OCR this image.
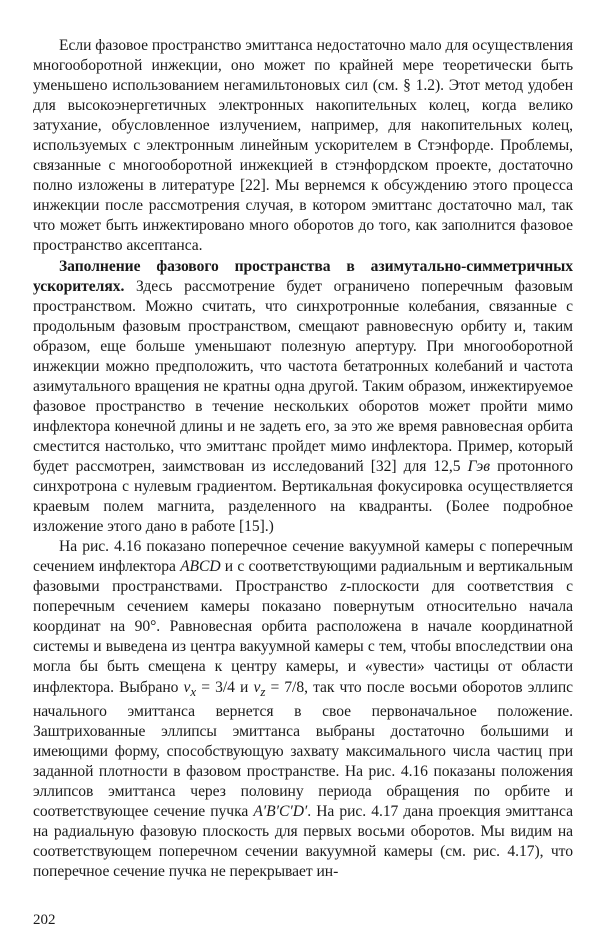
Если фазовое пространство эмиттанса недостаточно мало для осуществления многооборотной инжекции, оно может по крайней мере теоретически быть уменьшено использованием негамильтоновых сил (см. § 1.2). Этот метод удобен для высокоэнергетичных электронных накопительных колец, когда велико затухание, обусловленное излучением, например, для накопительных колец, используемых с электронным линейным ускорителем в Стэнфорде. Проблемы, связанные с многооборотной инжекцией в стэнфордском проекте, достаточно полно изложены в литературе [22]. Мы вернемся к обсуждению этого процесса инжекции после рассмотрения случая, в котором эмиттанс достаточно мал, так что может быть инжектировано много оборотов до того, как заполнится фазовое пространство аксептанса.

Заполнение фазового пространства в азимутально-симметричных ускорителях. Здесь рассмотрение будет ограничено поперечным фазовым пространством. Можно считать, что синхротронные колебания, связанные с продольным фазовым пространством, смещают равновесную орбиту и, таким образом, еще больше уменьшают полезную апертуру. При многооборотной инжекции можно предположить, что частота бетатронных колебаний и частота азимутального вращения не кратны одна другой. Таким образом, инжектируемое фазовое пространство в течение нескольких оборотов может пройти мимо инфлектора конечной длины и не задеть его, за это же время равновесная орбита сместится настолько, что эмиттанс пройдет мимо инфлектора. Пример, который будет рассмотрен, заимствован из исследований [32] для 12,5 Гэв протонного синхротрона с нулевым градиентом. Вертикальная фокусировка осуществляется краевым полем магнита, разделенного на квадранты. (Более подробное изложение этого дано в работе [15].)

На рис. 4.16 показано поперечное сечение вакуумной камеры с поперечным сечением инфлектора ABCD и с соответствующими радиальным и вертикальным фазовыми пространствами. Пространство z-плоскости для соответствия с поперечным сечением камеры показано повернутым относительно начала координат на 90°. Равновесная орбита расположена в начале координатной системы и выведена из центра вакуумной камеры с тем, чтобы впоследствии она могла бы быть смещена к центру камеры, и «увести» частицы от области инфлектора. Выбрано $\nu_x = 3/4$ и $\nu_z = 7/8$, так что после восьми оборотов эллипс начального эмиттанса вернется в свое первоначальное положение. Заштрихованные эллипсы эмиттанса выбраны достаточно большими и имеющими форму, способствующую захвату максимального числа частиц при заданной плотности в фазовом пространстве. На рис. 4.16 показаны положения эллипсов эмиттанса через половину периода обращения по орбите и соответствующее сечение пучка A′B′C′D′. На рис. 4.17 дана проекция эмиттанса на радиальную фазовую плоскость для первых восьми оборотов. Мы видим на соответствующем поперечном сечении вакуумной камеры (см. рис. 4.17), что поперечное сечение пучка не перекрывает ин-

202
